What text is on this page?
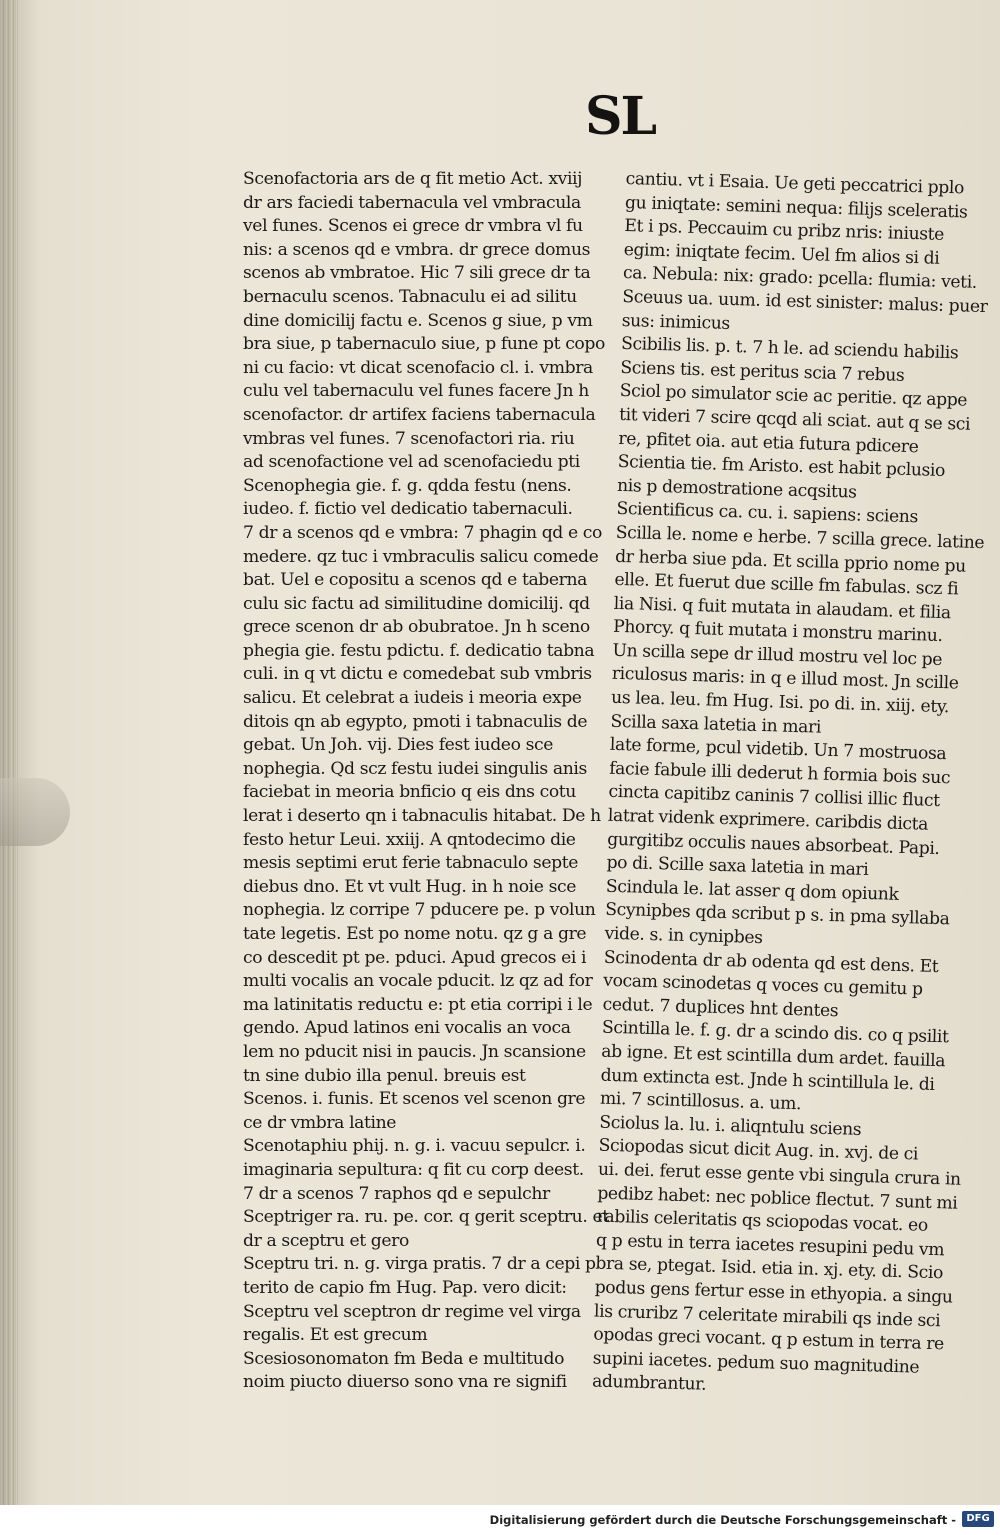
SL
Scenofactoria ars de q fit metio Act. xviij
dr ars faciedi tabernacula vel vmbracula
vel funes. Scenos ei grece dr vmbra vl fu
nis: a scenos qd e vmbra. dr grece domus
scenos ab vmbratoe. Hic 7 sili grece dr ta
bernaculu scenos. Tabnaculu ei ad silitu
dine domicilij factu e. Scenos g siue, p vm
bra siue, p tabernaculo siue, p fune pt copo
ni cu facio: vt dicat scenofacio cl. i. vmbra
culu vel tabernaculu vel funes facere Jn h
scenofactor. dr artifex faciens tabernacula
vmbras vel funes. 7 scenofactori ria. riu
ad scenofactione vel ad scenofaciedu pti
Scenophegia gie. f. g. qdda festu (nens.
iudeo. f. fictio vel dedicatio tabernaculi.
7 dr a scenos qd e vmbra: 7 phagin qd e co
medere. qz tuc i vmbraculis salicu comede
bat. Uel e copositu a scenos qd e taberna
culu sic factu ad similitudine domicilij. qd
grece scenon dr ab obubratoe. Jn h sceno
phegia gie. festu pdictu. f. dedicatio tabna
culi. in q vt dictu e comedebat sub vmbris
salicu. Et celebrat a iudeis i meoria expe
ditois qn ab egypto, pmoti i tabnaculis de
gebat. Un Joh. vij. Dies fest iudeo sce
nophegia. Qd scz festu iudei singulis anis
faciebat in meoria bnficio q eis dns cotu
lerat i deserto qn i tabnaculis hitabat. De h
festo hetur Leui. xxiij. A qntodecimo die
mesis septimi erut ferie tabnaculo septe
diebus dno. Et vt vult Hug. in h noie sce
nophegia. lz corripe 7 pducere pe. p volun
tate legetis. Est po nome notu. qz g a gre
co descedit pt pe. pduci. Apud grecos ei i
multi vocalis an vocale pducit. lz qz ad for
ma latinitatis reductu e: pt etia corripi i le
gendo. Apud latinos eni vocalis an voca
lem no pducit nisi in paucis. Jn scansione
tn sine dubio illa penul. breuis est
Scenos. i. funis. Et scenos vel scenon gre
ce dr vmbra latine
Scenotaphiu phij. n. g. i. vacuu sepulcr. i.
imaginaria sepultura: q fit cu corp deest.
7 dr a scenos 7 raphos qd e sepulchr
Sceptriger ra. ru. pe. cor. q gerit sceptru. et
dr a sceptru et gero
Sceptru tri. n. g. virga pratis. 7 dr a cepi p
terito de capio fm Hug. Pap. vero dicit:
Sceptru vel sceptron dr regime vel virga
regalis. Et est grecum
Scesiosonomaton fm Beda e multitudo
noim piucto diuerso sono vna re signifi
cantiu. vt i Esaia. Ue geti peccatrici pplo
gu iniqtate: semini nequa: filijs sceleratis
Et i ps. Peccauim cu pribz nris: iniuste
egim: iniqtate fecim. Uel fm alios si di
ca. Nebula: nix: grado: pcella: flumia: veti.
Sceuus ua. uum. id est sinister: malus: puer
sus: inimicus
Scibilis lis. p. t. 7 h le. ad sciendu habilis
Sciens tis. est peritus scia 7 rebus
Sciol po simulator scie ac peritie. qz appe
tit videri 7 scire qcqd ali sciat. aut q se sci
re, pfitet oia. aut etia futura pdicere
Scientia tie. fm Aristo. est habit pclusio
nis p demostratione acqsitus
Scientificus ca. cu. i. sapiens: sciens
Scilla le. nome e herbe. 7 scilla grece. latine
dr herba siue pda. Et scilla pprio nome pu
elle. Et fuerut due scille fm fabulas. scz fi
lia Nisi. q fuit mutata in alaudam. et filia
Phorcy. q fuit mutata i monstru marinu.
Un scilla sepe dr illud mostru vel loc pe
riculosus maris: in q e illud most. Jn scille
us lea. leu. fm Hug. Isi. po di. in. xiij. ety.
Scilla saxa latetia in mari
late forme, pcul videtib. Un 7 mostruosa
facie fabule illi dederut h formia bois suc
cincta capitibz caninis 7 collisi illic fluct
latrat videnk exprimere. caribdis dicta
gurgitibz occulis naues absorbeat. Papi.
po di. Scille saxa latetia in mari
Scindula le. lat asser q dom opiunk
Scynipbes qda scribut p s. in pma syllaba
vide. s. in cynipbes
Scinodenta dr ab odenta qd est dens. Et
vocam scinodetas q voces cu gemitu p
cedut. 7 duplices hnt dentes
Scintilla le. f. g. dr a scindo dis. co q psilit
ab igne. Et est scintilla dum ardet. fauilla
dum extincta est. Jnde h scintillula le. di
mi. 7 scintillosus. a. um.
Sciolus la. lu. i. aliqntulu sciens
Sciopodas sicut dicit Aug. in. xvj. de ci
ui. dei. ferut esse gente vbi singula crura in
pedibz habet: nec poblice flectut. 7 sunt mi
rabilis celeritatis qs sciopodas vocat. eo
q p estu in terra iacetes resupini pedu vm
bra se, ptegat. Isid. etia in. xj. ety. di. Scio
podus gens fertur esse in ethyopia. a singu
lis cruribz 7 celeritate mirabili qs inde sci
opodas greci vocant. q p estum in terra re
supini iacetes. pedum suo magnitudine
adumbrantur.
Digitalisierung gefördert durch die Deutsche Forschungsgemeinschaft -	DFG
